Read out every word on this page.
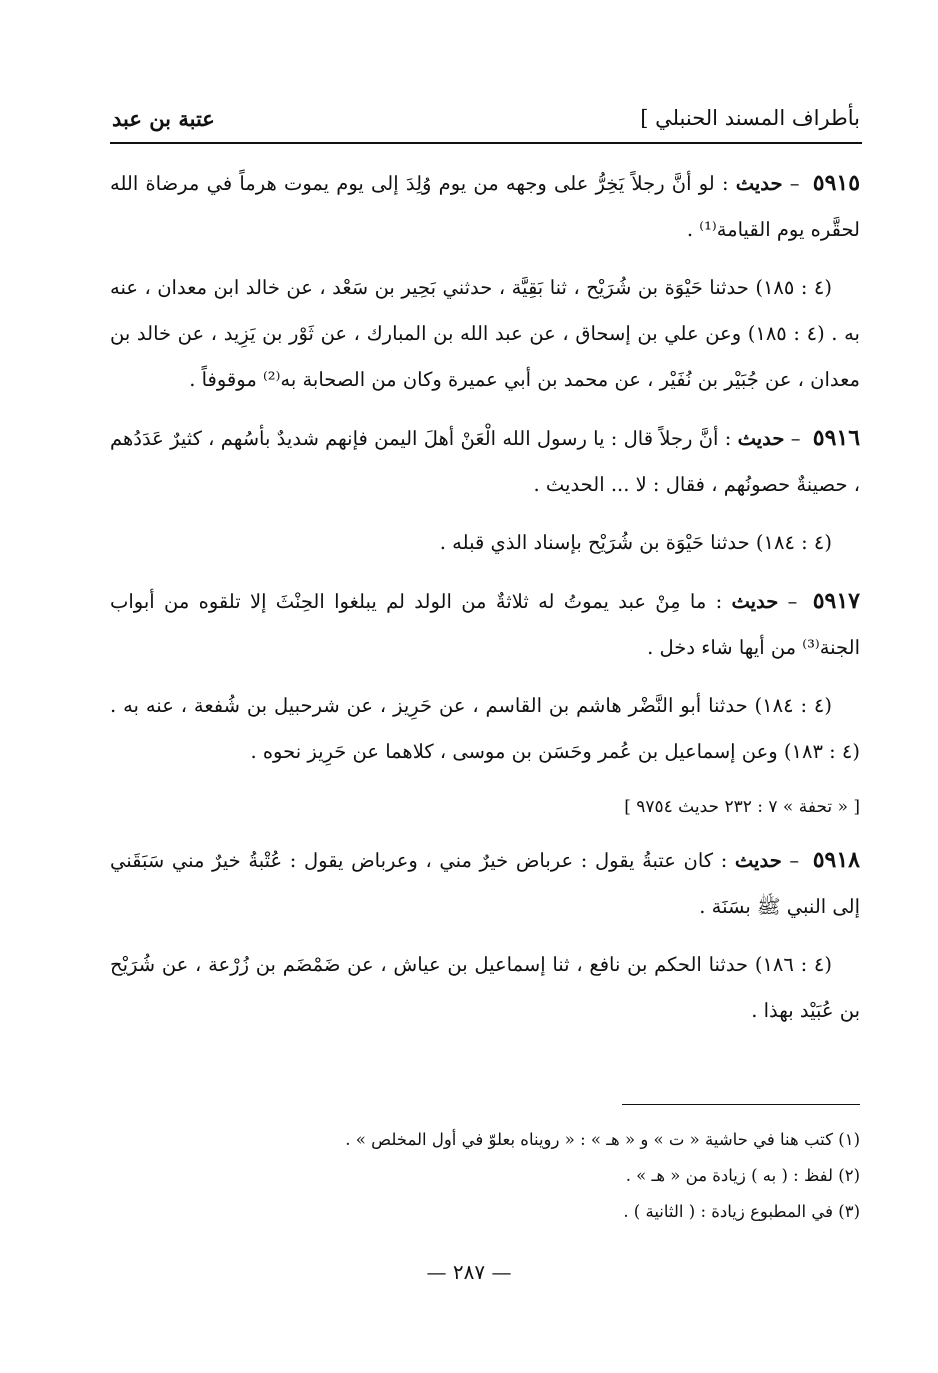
بأطراف المسند الحنبلي ]
عتبة بن عبد

٥٩١٥ – حديث : لو أنَّ رجلاً يَخِرُّ على وجهه من يوم وُلِدَ إلى يوم يموت هرماً في مرضاة الله لحقَّره يوم القيامة⁽¹⁾ .

(٤ : ١٨٥) حدثنا حَيْوَة بن شُرَيْح ، ثنا بَقِيَّة ، حدثني بَحِير بن سَعْد ، عن خالد ابن معدان ، عنه به . (٤ : ١٨٥) وعن علي بن إسحاق ، عن عبد الله بن المبارك ، عن ثَوْر بن يَزِيد ، عن خالد بن معدان ، عن جُبَيْر بن نُفَيْر ، عن محمد بن أبي عميرة وكان من الصحابة به⁽²⁾ موقوفاً .

٥٩١٦ – حديث : أنَّ رجلاً قال : يا رسول الله الْعَنْ أهلَ اليمن فإنهم شديدٌ بأسُهم ، كثيرٌ عَدَدُهم ، حصينةٌ حصونُهم ، فقال : لا ... الحديث .

(٤ : ١٨٤) حدثنا حَيْوَة بن شُرَيْح بإسناد الذي قبله .

٥٩١٧ – حديث : ما مِنْ عبد يموتُ له ثلاثةٌ من الولد لم يبلغوا الحِنْثَ إلا تلقوه من أبواب الجنة⁽³⁾ من أيها شاء دخل .

(٤ : ١٨٤) حدثنا أبو النَّضْر هاشم بن القاسم ، عن حَرِيز ، عن شرحبيل بن شُفعة ، عنه به . (٤ : ١٨٣) وعن إسماعيل بن عُمر وحَسَن بن موسى ، كلاهما عن حَرِيز نحوه .

[ « تحفة » ٧ : ٢٣٢ حديث ٩٧٥٤ ]

٥٩١٨ – حديث : كان عتبةُ يقول : عرباض خيرٌ مني ، وعرباض يقول : عُتْبةُ خيرٌ مني سَبَقَني إلى النبي ﷺ بسَنَة .

(٤ : ١٨٦) حدثنا الحكم بن نافع ، ثنا إسماعيل بن عياش ، عن ضَمْضَم بن زُرْعة ، عن شُرَيْح بن عُبَيْد بهذا .

(١) كتب هنا في حاشية « ت » و « هـ » : « رويناه بعلوّ في أول المخلص » .
(٢) لفظ : ( به ) زيادة من « هـ » .
(٣) في المطبوع زيادة : ( الثانية ) .
— ٢٨٧ —
